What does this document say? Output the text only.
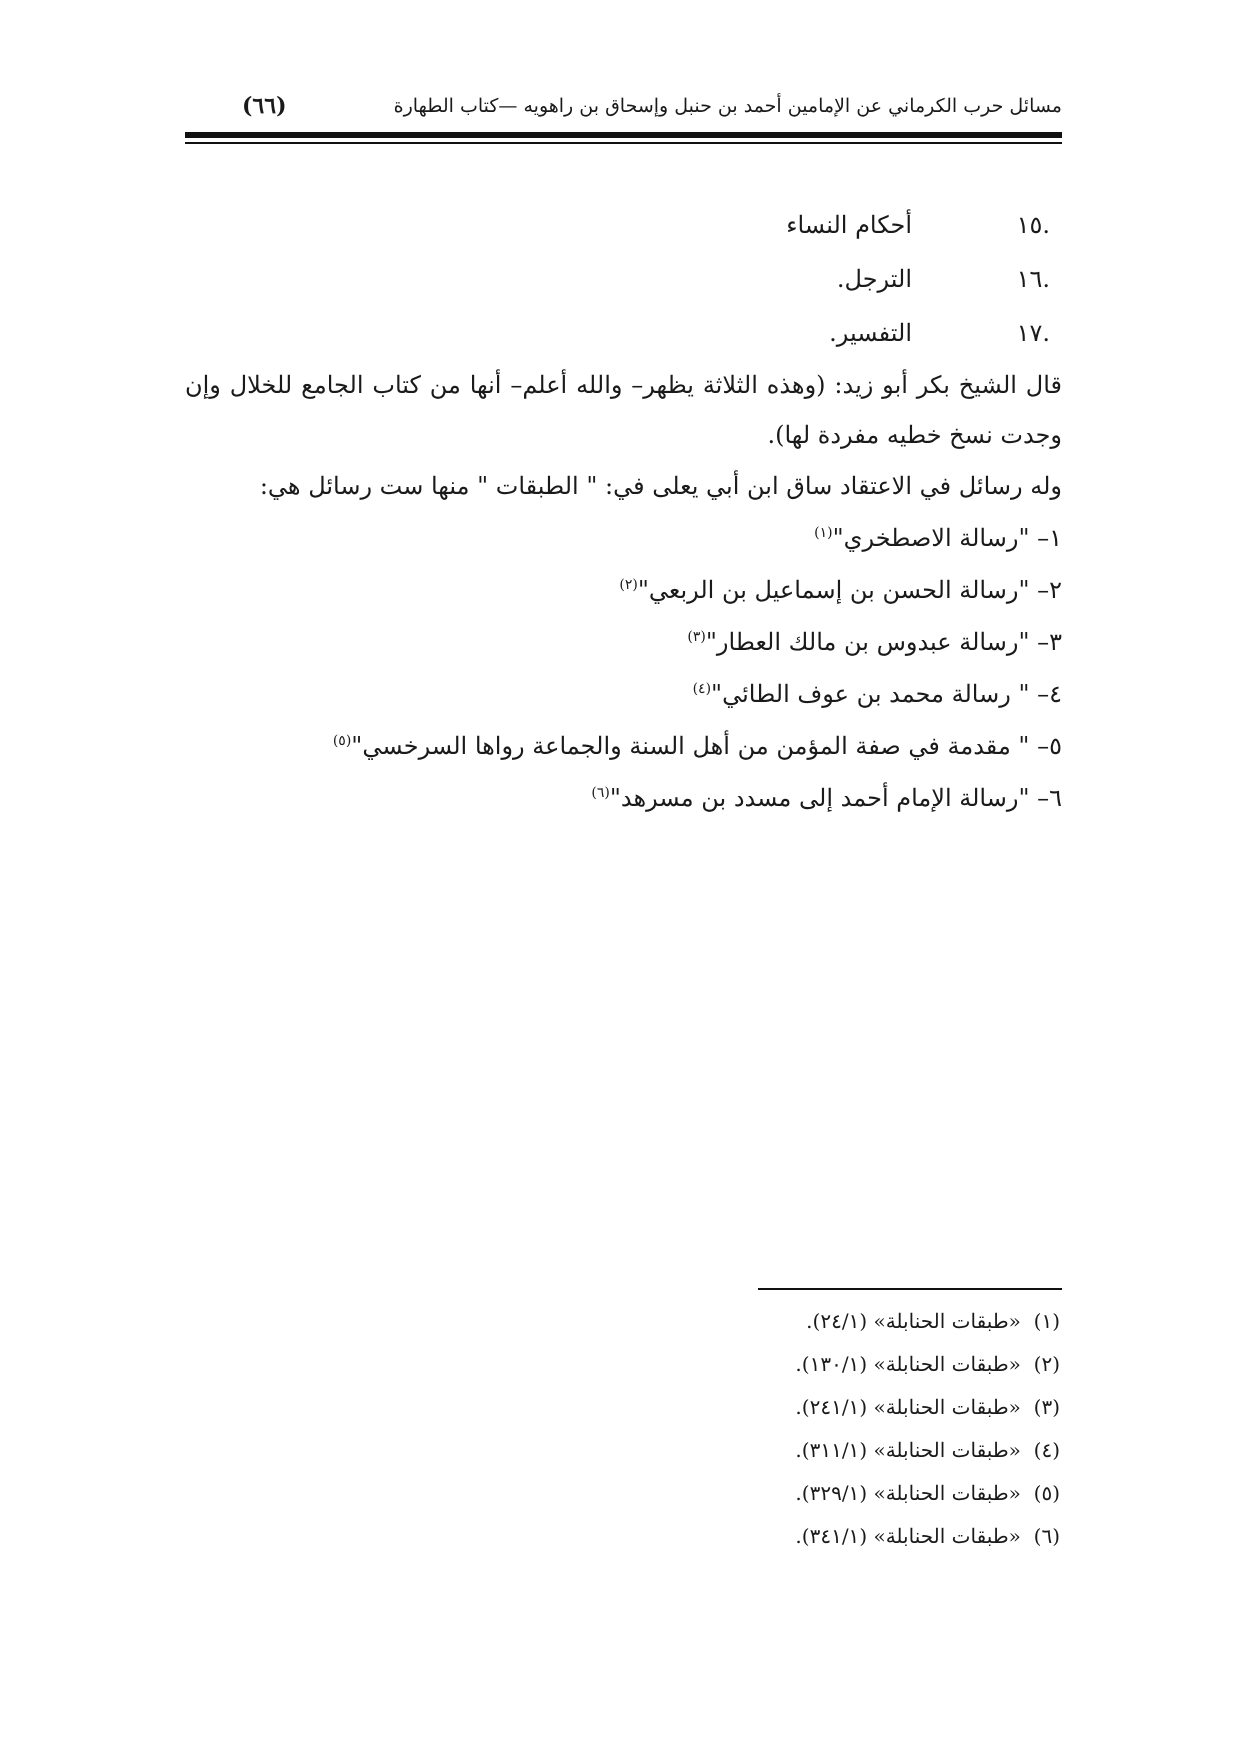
مسائل حرب الكرماني عن الإمامين أحمد بن حنبل وإسحاق بن راهويه —كتاب الطهارة
(٦٦)
.١٥
أحكام النساء
.١٦
الترجل.
.١٧
التفسير.
قال الشيخ بكر أبو زيد: (وهذه الثلاثة يظهر– والله أعلم– أنها من كتاب الجامع للخلال وإن وجدت نسخ خطيه مفردة لها).
وله رسائل في الاعتقاد ساق ابن أبي يعلى في: " الطبقات " منها ست رسائل هي:
١– "رسالة الاصطخري"$^{(١)}$
٢– "رسالة الحسن بن إسماعيل بن الربعي"$^{(٢)}$
٣– "رسالة عبدوس بن مالك العطار"$^{(٣)}$
٤– " رسالة محمد بن عوف الطائي"$^{(٤)}$
٥– " مقدمة في صفة المؤمن من أهل السنة والجماعة رواها السرخسي"$^{(٥)}$
٦– "رسالة الإمام أحمد إلى مسدد بن مسرهد"$^{(٦)}$
(١)  «طبقات الحنابلة» (٢٤/١).
(٢)  «طبقات الحنابلة» (١٣٠/١).
(٣)  «طبقات الحنابلة» (٢٤١/١).
(٤)  «طبقات الحنابلة» (٣١١/١).
(٥)  «طبقات الحنابلة» (٣٢٩/١).
(٦)  «طبقات الحنابلة» (٣٤١/١).
